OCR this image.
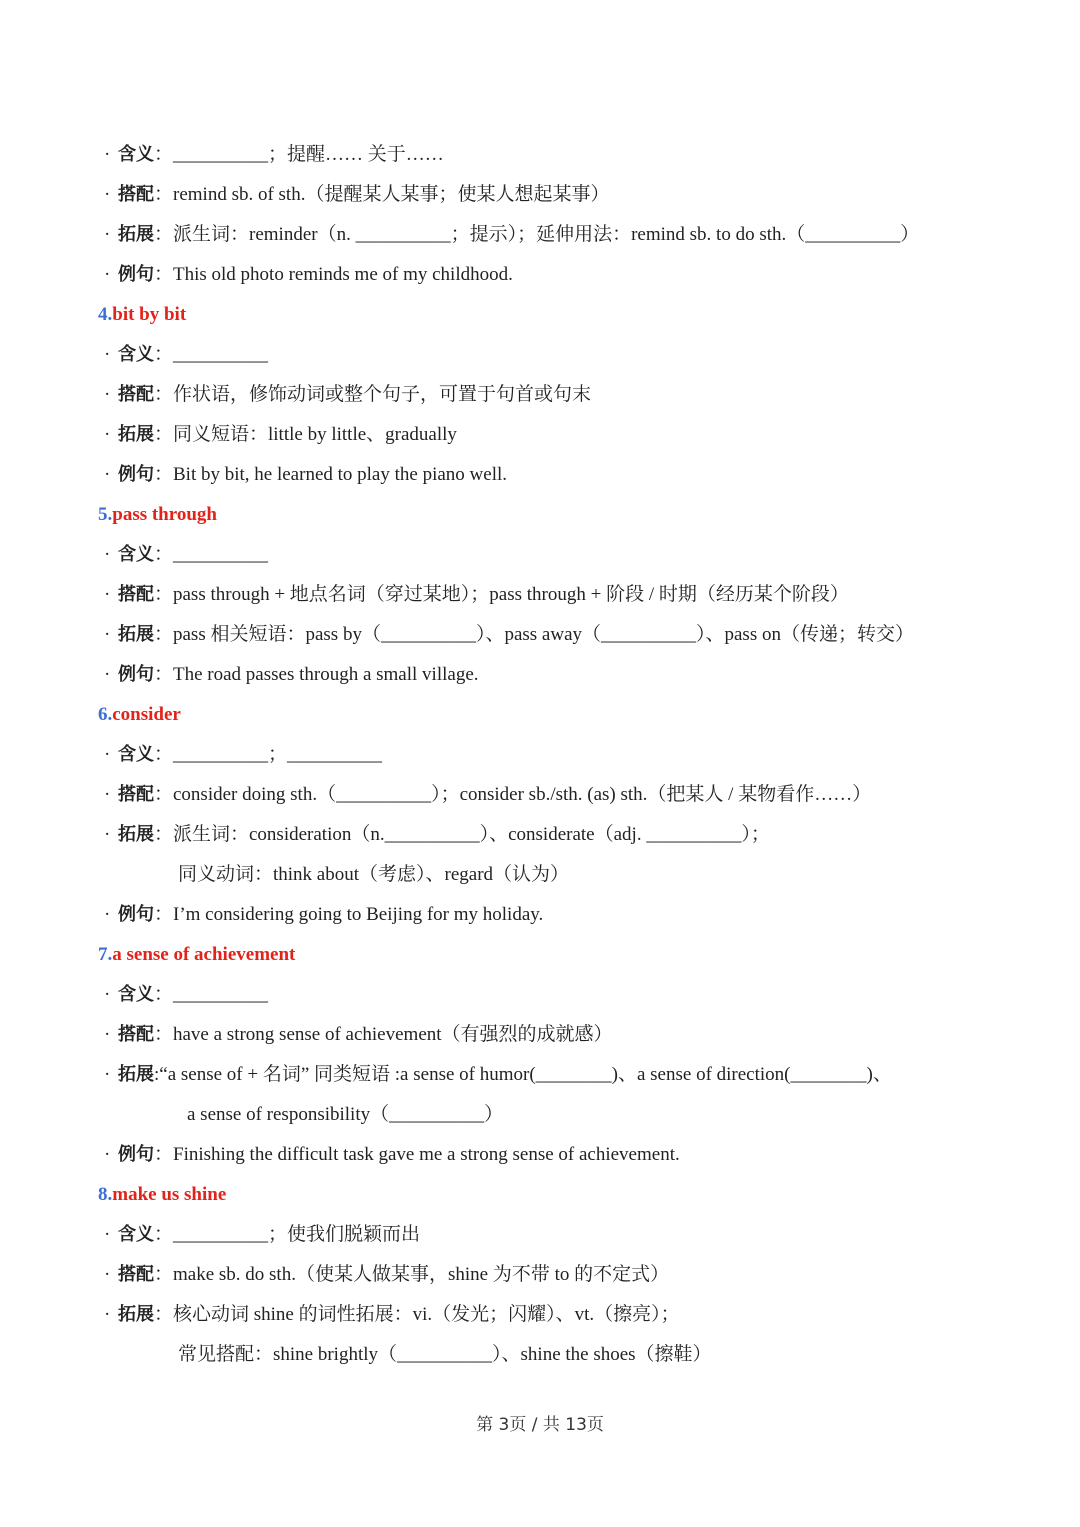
· 含义：__________；提醒…… 关于……
· 搭配：remind sb. of sth.（提醒某人某事；使某人想起某事）
· 拓展：派生词：reminder（n. __________；提示）；延伸用法：remind sb. to do sth.（__________）
· 例句：This old photo reminds me of my childhood.
4.bit by bit
· 含义：__________
· 搭配：作状语，修饰动词或整个句子，可置于句首或句末
· 拓展：同义短语：little by little、gradually
· 例句：Bit by bit, he learned to play the piano well.
5.pass through
· 含义：__________
· 搭配：pass through + 地点名词（穿过某地）；pass through + 阶段 / 时期（经历某个阶段）
· 拓展：pass 相关短语：pass by（__________）、pass away（__________）、pass on（传递；转交）
· 例句：The road passes through a small village.
6.consider
· 含义：__________；__________
· 搭配：consider doing sth.（__________）；consider sb./sth. (as) sth.（把某人 / 某物看作……）
· 拓展：派生词：consideration（n.__________）、considerate（adj. __________）；
同义动词：think about（考虑）、regard（认为）
· 例句：I’m considering going to Beijing for my holiday.
7.a sense of achievement
· 含义：__________
· 搭配：have a strong sense of achievement（有强烈的成就感）
· 拓展:“a sense of + 名词” 同类短语 :a sense of humor(________)、a sense of direction(________)、
a sense of responsibility（__________）
· 例句：Finishing the difficult task gave me a strong sense of achievement.
8.make us shine
· 含义：__________；使我们脱颖而出
· 搭配：make sb. do sth.（使某人做某事，shine 为不带 to 的不定式）
· 拓展：核心动词 shine 的词性拓展：vi.（发光；闪耀）、vt.（擦亮）；
常见搭配：shine brightly（__________）、shine the shoes（擦鞋）
第 3页 / 共 13页
